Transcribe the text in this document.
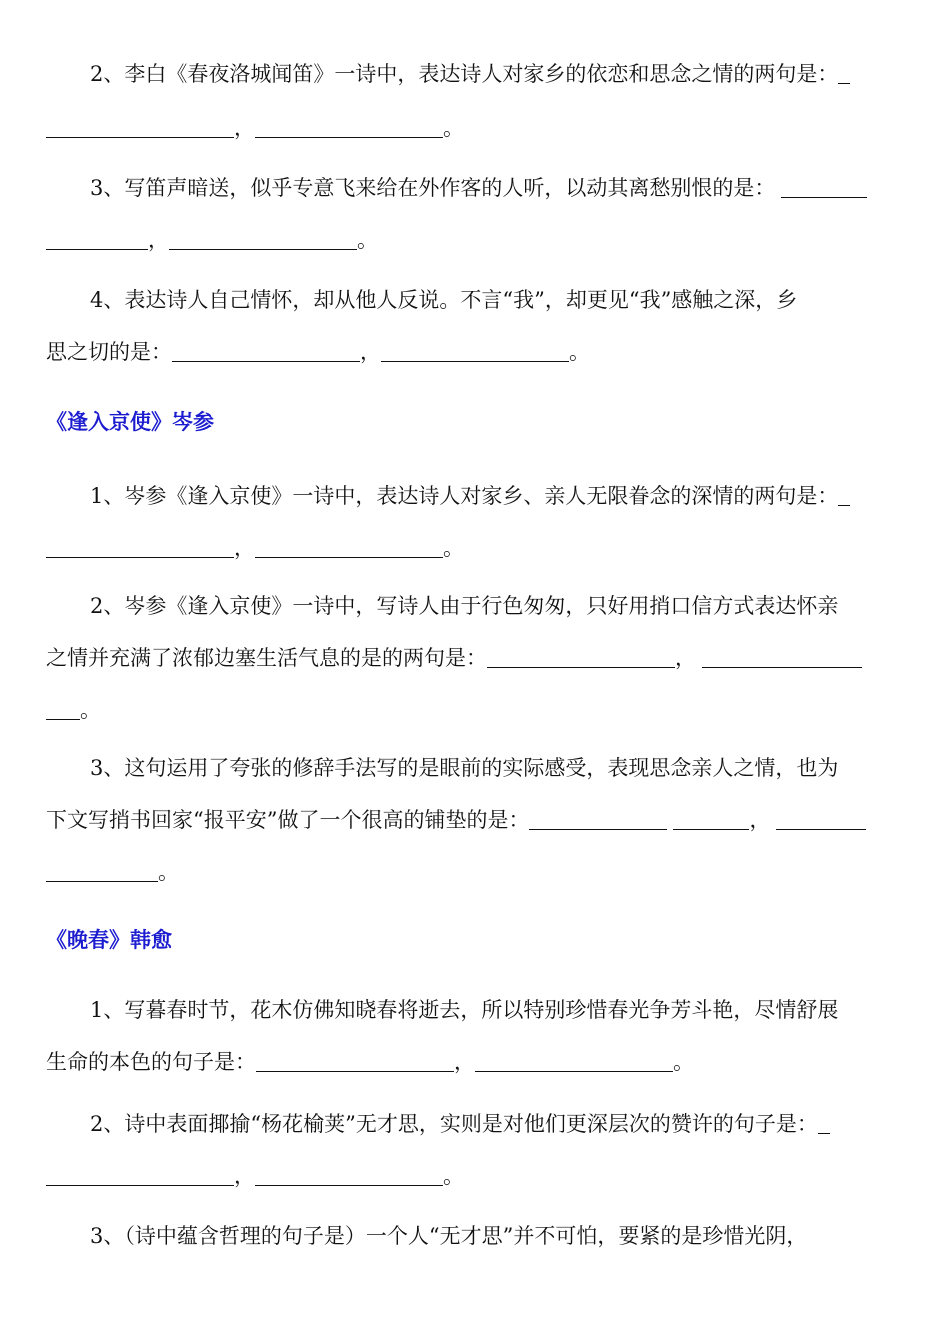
2、李白《春夜洛城闻笛》一诗中，表达诗人对家乡的依恋和思念之情的两句是：
，	。
3、写笛声暗送，似乎专意飞来给在外作客的人听，以动其离愁别恨的是：
，	。
4、表达诗人自己情怀，却从他人反说。不言“我”，却更见“我”感触之深，乡
思之切的是：	，	。
《逢入京使》岑参
1、岑参《逢入京使》一诗中，表达诗人对家乡、亲人无限眷念的深情的两句是：
，	。
2、岑参《逢入京使》一诗中，写诗人由于行色匆匆，只好用捎口信方式表达怀亲
之情并充满了浓郁边塞生活气息的是的两句是：	，
。
3、这句运用了夸张的修辞手法写的是眼前的实际感受，表现思念亲人之情，也为
下文写捎书回家“报平安”做了一个很高的铺垫的是：	，
。
《晚春》韩愈
1、写暮春时节，花木仿佛知晓春将逝去，所以特别珍惜春光争芳斗艳，尽情舒展
生命的本色的句子是：	，	。
2、诗中表面揶揄“杨花榆荚”无才思，实则是对他们更深层次的赞许的句子是：
，	。
3、（诗中蕴含哲理的句子是）一个人“无才思”并不可怕，要紧的是珍惜光阴，
